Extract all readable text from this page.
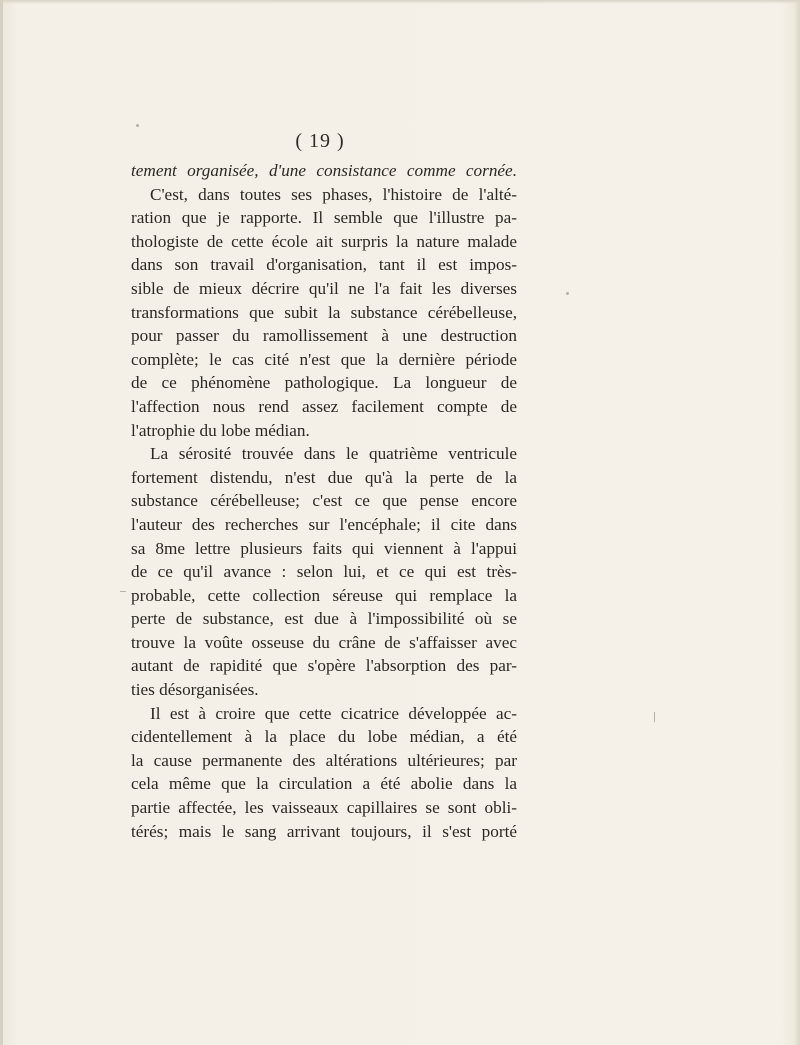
( 19 )
tement organisée, d'une consistance comme cornée.
C'est, dans toutes ses phases, l'histoire de l'alté-
ration que je rapporte. Il semble que l'illustre pa-
thologiste de cette école ait surpris la nature malade
dans son travail d'organisation, tant il est impos-
sible de mieux décrire qu'il ne l'a fait les diverses
transformations que subit la substance cérébelleuse,
pour passer du ramollissement à une destruction
complète; le cas cité n'est que la dernière période
de ce phénomène pathologique. La longueur de
l'affection nous rend assez facilement compte de
l'atrophie du lobe médian.
La sérosité trouvée dans le quatrième ventricule
fortement distendu, n'est due qu'à la perte de la
substance cérébelleuse; c'est ce que pense encore
l'auteur des recherches sur l'encéphale; il cite dans
sa 8me lettre plusieurs faits qui viennent à l'appui
de ce qu'il avance : selon lui, et ce qui est très-
probable, cette collection séreuse qui remplace la
perte de substance, est due à l'impossibilité où se
trouve la voûte osseuse du crâne de s'affaisser avec
autant de rapidité que s'opère l'absorption des par-
ties désorganisées.
Il est à croire que cette cicatrice développée ac-
cidentellement à la place du lobe médian, a été
la cause permanente des altérations ultérieures; par
cela même que la circulation a été abolie dans la
partie affectée, les vaisseaux capillaires se sont obli-
térés; mais le sang arrivant toujours, il s'est porté
